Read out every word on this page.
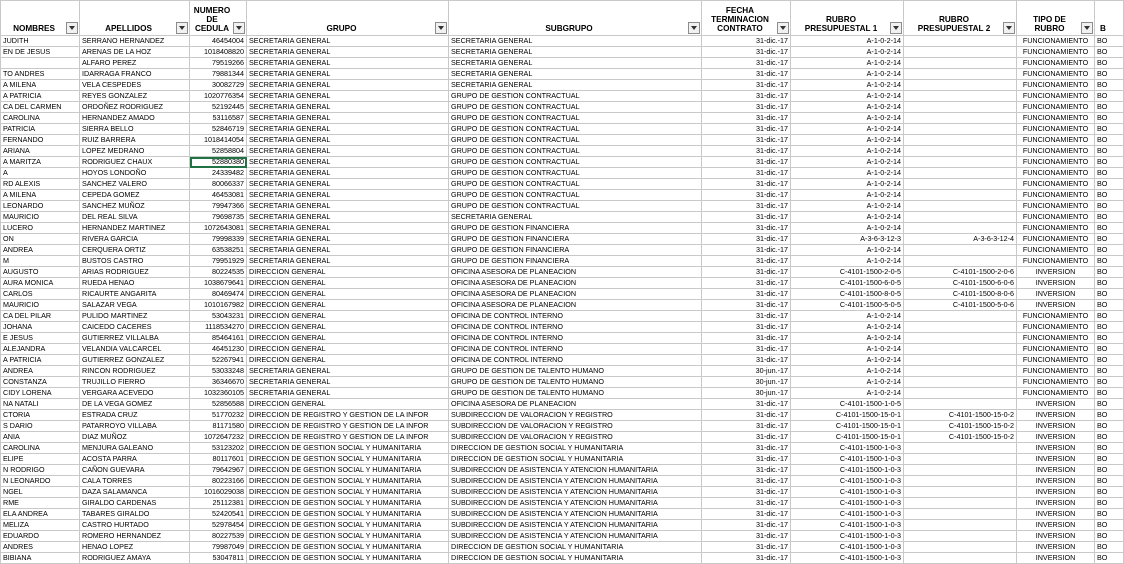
NOMBRES	APELLIDOS	NUMERO DE CEDULA	GRUPO	SUBGRUPO	FECHA TERMINACION CONTRATO	RUBRO PRESUPUESTAL 1	RUBRO PRESUPUESTAL 2	TIPO DE RUBRO	B

JUDITH	SERRANO HERNANDEZ	46454004	SECRETARIA GENERAL	SECRETARIA GENERAL	31-dic.-17	A-1-0-2-14		FUNCIONAMIENTO	BO
EN DE JESUS	ARENAS DE LA HOZ	1018408820	SECRETARIA GENERAL	SECRETARIA GENERAL	31-dic.-17	A-1-0-2-14		FUNCIONAMIENTO	BO
	ALFARO PEREZ	79519266	SECRETARIA GENERAL	SECRETARIA GENERAL	31-dic.-17	A-1-0-2-14		FUNCIONAMIENTO	BO
TO ANDRES	IDARRAGA FRANCO	79881344	SECRETARIA GENERAL	SECRETARIA GENERAL	31-dic.-17	A-1-0-2-14		FUNCIONAMIENTO	BO
A MILENA	VELA CESPEDES	30082729	SECRETARIA GENERAL	SECRETARIA GENERAL	31-dic.-17	A-1-0-2-14		FUNCIONAMIENTO	BO
A PATRICIA	REYES GONZALEZ	1020776354	SECRETARIA GENERAL	GRUPO DE GESTION CONTRACTUAL	31-dic.-17	A-1-0-2-14		FUNCIONAMIENTO	BO
CA DEL CARMEN	ORDOÑEZ RODRIGUEZ	52192445	SECRETARIA GENERAL	GRUPO DE GESTION CONTRACTUAL	31-dic.-17	A-1-0-2-14		FUNCIONAMIENTO	BO
CAROLINA	HERNANDEZ AMADO	53116587	SECRETARIA GENERAL	GRUPO DE GESTION CONTRACTUAL	31-dic.-17	A-1-0-2-14		FUNCIONAMIENTO	BO
PATRICIA	SIERRA BELLO	52846719	SECRETARIA GENERAL	GRUPO DE GESTION CONTRACTUAL	31-dic.-17	A-1-0-2-14		FUNCIONAMIENTO	BO
FERNANDO	RUIZ BARRERA	1018414054	SECRETARIA GENERAL	GRUPO DE GESTION CONTRACTUAL	31-dic.-17	A-1-0-2-14		FUNCIONAMIENTO	BO
ARIANA	LOPEZ MEDRANO	52858804	SECRETARIA GENERAL	GRUPO DE GESTION CONTRACTUAL	31-dic.-17	A-1-0-2-14		FUNCIONAMIENTO	BO
A MARITZA	RODRIGUEZ CHAUX	52880380	SECRETARIA GENERAL	GRUPO DE GESTION CONTRACTUAL	31-dic.-17	A-1-0-2-14		FUNCIONAMIENTO	BO
A	HOYOS LONDOÑO	24339482	SECRETARIA GENERAL	GRUPO DE GESTION CONTRACTUAL	31-dic.-17	A-1-0-2-14		FUNCIONAMIENTO	BO
RD ALEXIS	SANCHEZ VALERO	80066337	SECRETARIA GENERAL	GRUPO DE GESTION CONTRACTUAL	31-dic.-17	A-1-0-2-14		FUNCIONAMIENTO	BO
A MILENA	CEPEDA GOMEZ	46453081	SECRETARIA GENERAL	GRUPO DE GESTION CONTRACTUAL	31-dic.-17	A-1-0-2-14		FUNCIONAMIENTO	BO
LEONARDO	SANCHEZ MUÑOZ	79947366	SECRETARIA GENERAL	GRUPO DE GESTION CONTRACTUAL	31-dic.-17	A-1-0-2-14		FUNCIONAMIENTO	BO
MAURICIO	DEL REAL SILVA	79698735	SECRETARIA GENERAL	SECRETARIA GENERAL	31-dic.-17	A-1-0-2-14		FUNCIONAMIENTO	BO
LUCERO	HERNANDEZ MARTINEZ	1072643081	SECRETARIA GENERAL	GRUPO DE GESTION FINANCIERA	31-dic.-17	A-1-0-2-14		FUNCIONAMIENTO	BO
ON	RIVERA GARCIA	79998339	SECRETARIA GENERAL	GRUPO DE GESTION FINANCIERA	31-dic.-17	A-3-6-3-12-3	A-3-6-3-12-4	FUNCIONAMIENTO	BO
ANDREA	CERQUERA ORTIZ	63538251	SECRETARIA GENERAL	GRUPO DE GESTION FINANCIERA	31-dic.-17	A-1-0-2-14		FUNCIONAMIENTO	BO
M	BUSTOS CASTRO	79951929	SECRETARIA GENERAL	GRUPO DE GESTION FINANCIERA	31-dic.-17	A-1-0-2-14		FUNCIONAMIENTO	BO
AUGUSTO	ARIAS RODRIGUEZ	80224535	DIRECCION GENERAL	OFICINA ASESORA DE PLANEACION	31-dic.-17	C-4101-1500-2-0-5	C-4101-1500-2-0-6	INVERSION	BO
AURA MONICA	RUEDA HENAO	1038679641	DIRECCION GENERAL	OFICINA ASESORA DE PLANEACION	31-dic.-17	C-4101-1500-6-0-5	C-4101-1500-6-0-6	INVERSION	BO
CARLOS	RICAURTE ANGARITA	80469474	DIRECCION GENERAL	OFICINA ASESORA DE PLANEACION	31-dic.-17	C-4101-1500-8-0-5	C-4101-1500-8-0-6	INVERSION	BO
MAURICIO	SALAZAR VEGA	1010167982	DIRECCION GENERAL	OFICINA ASESORA DE PLANEACION	31-dic.-17	C-4101-1500-5-0-5	C-4101-1500-5-0-6	INVERSION	BO
CA DEL PILAR	PULIDO MARTINEZ	53043231	DIRECCION GENERAL	OFICINA DE CONTROL INTERNO	31-dic.-17	A-1-0-2-14		FUNCIONAMIENTO	BO
JOHANA	CAICEDO CACERES	1118534270	DIRECCION GENERAL	OFICINA DE CONTROL INTERNO	31-dic.-17	A-1-0-2-14		FUNCIONAMIENTO	BO
E JESUS	GUTIERREZ VILLALBA	85464161	DIRECCION GENERAL	OFICINA DE CONTROL INTERNO	31-dic.-17	A-1-0-2-14		FUNCIONAMIENTO	BO
ALEJANDRA	VELANDIA VALCARCEL	46451230	DIRECCION GENERAL	OFICINA DE CONTROL INTERNO	31-dic.-17	A-1-0-2-14		FUNCIONAMIENTO	BO
A PATRICIA	GUTIERREZ GONZALEZ	52267941	DIRECCION GENERAL	OFICINA DE CONTROL INTERNO	31-dic.-17	A-1-0-2-14		FUNCIONAMIENTO	BO
ANDREA	RINCON RODRIGUEZ	53033248	SECRETARIA GENERAL	GRUPO DE GESTION DE TALENTO HUMANO	30-jun.-17	A-1-0-2-14		FUNCIONAMIENTO	BO
CONSTANZA	TRUJILLO FIERRO	36346670	SECRETARIA GENERAL	GRUPO DE GESTION DE TALENTO HUMANO	30-jun.-17	A-1-0-2-14		FUNCIONAMIENTO	BO
CIDY LORENA	VERGARA ACEVEDO	1032360105	SECRETARIA GENERAL	GRUPO DE GESTION DE TALENTO HUMANO	30-jun.-17	A-1-0-2-14		FUNCIONAMIENTO	BO
NA NATALI	DE LA VEGA GOMEZ	52856588	DIRECCION GENERAL	OFICINA ASESORA DE PLANEACION	31-dic.-17	C-4101-1500-1-0-5		INVERSION	BO
CTORIA	ESTRADA CRUZ	51770232	DIRECCION DE REGISTRO Y GESTION DE LA INFOR	SUBDIRECCION DE VALORACION Y REGISTRO	31-dic.-17	C-4101-1500-15-0-1	C-4101-1500-15-0-2	INVERSION	BO
S DARIO	PATARROYO VILLABA	81171580	DIRECCION DE REGISTRO Y GESTION DE LA INFOR	SUBDIRECCION DE VALORACION Y REGISTRO	31-dic.-17	C-4101-1500-15-0-1	C-4101-1500-15-0-2	INVERSION	BO
ANIA	DIAZ MUÑOZ	1072647232	DIRECCION DE REGISTRO Y GESTION DE LA INFOR	SUBDIRECCION DE VALORACION Y REGISTRO	31-dic.-17	C-4101-1500-15-0-1	C-4101-1500-15-0-2	INVERSION	BO
CAROLINA	MENJURA GALEANO	53123202	DIRECCION DE GESTION SOCIAL Y HUMANITARIA	DIRECCION DE GESTION SOCIAL Y HUMANITARIA	31-dic.-17	C-4101-1500-1-0-3		INVERSION	BO
ELIPE	ACOSTA PARRA	80117601	DIRECCION DE GESTION SOCIAL Y HUMANITARIA	DIRECCION DE GESTION SOCIAL Y HUMANITARIA	31-dic.-17	C-4101-1500-1-0-3		INVERSION	BO
N RODRIGO	CAÑON GUEVARA	79642967	DIRECCION DE GESTION SOCIAL Y HUMANITARIA	SUBDIRECCION DE ASISTENCIA Y ATENCION HUMANITARIA	31-dic.-17	C-4101-1500-1-0-3		INVERSION	BO
N LEONARDO	CALA TORRES	80223166	DIRECCION DE GESTION SOCIAL Y HUMANITARIA	SUBDIRECCION DE ASISTENCIA Y ATENCION HUMANITARIA	31-dic.-17	C-4101-1500-1-0-3		INVERSION	BO
NGEL	DAZA SALAMANCA	1016029038	DIRECCION DE GESTION SOCIAL Y HUMANITARIA	SUBDIRECCION DE ASISTENCIA Y ATENCION HUMANITARIA	31-dic.-17	C-4101-1500-1-0-3		INVERSION	BO
RME	GIRALDO CARDENAS	25112381	DIRECCION DE GESTION SOCIAL Y HUMANITARIA	SUBDIRECCION DE ASISTENCIA Y ATENCION HUMANITARIA	31-dic.-17	C-4101-1500-1-0-3		INVERSION	BO
ELA ANDREA	TABARES GIRALDO	52420541	DIRECCION DE GESTION SOCIAL Y HUMANITARIA	SUBDIRECCION DE ASISTENCIA Y ATENCION HUMANITARIA	31-dic.-17	C-4101-1500-1-0-3		INVERSION	BO
MELIZA	CASTRO HURTADO	52978454	DIRECCION DE GESTION SOCIAL Y HUMANITARIA	SUBDIRECCION DE ASISTENCIA Y ATENCION HUMANITARIA	31-dic.-17	C-4101-1500-1-0-3		INVERSION	BO
EDUARDO	ROMERO HERNANDEZ	80227539	DIRECCION DE GESTION SOCIAL Y HUMANITARIA	SUBDIRECCION DE ASISTENCIA Y ATENCION HUMANITARIA	31-dic.-17	C-4101-1500-1-0-3		INVERSION	BO
ANDRES	HENAO LOPEZ	79987049	DIRECCION DE GESTION SOCIAL Y HUMANITARIA	DIRECCION DE GESTION SOCIAL Y HUMANITARIA	31-dic.-17	C-4101-1500-1-0-3		INVERSION	BO
BIBIANA	RODRIGUEZ AMAYA	53047811	DIRECCION DE GESTION SOCIAL Y HUMANITARIA	DIRECCION DE GESTION SOCIAL Y HUMANITARIA	31-dic.-17	C-4101-1500-1-0-3		INVERSION	BO
